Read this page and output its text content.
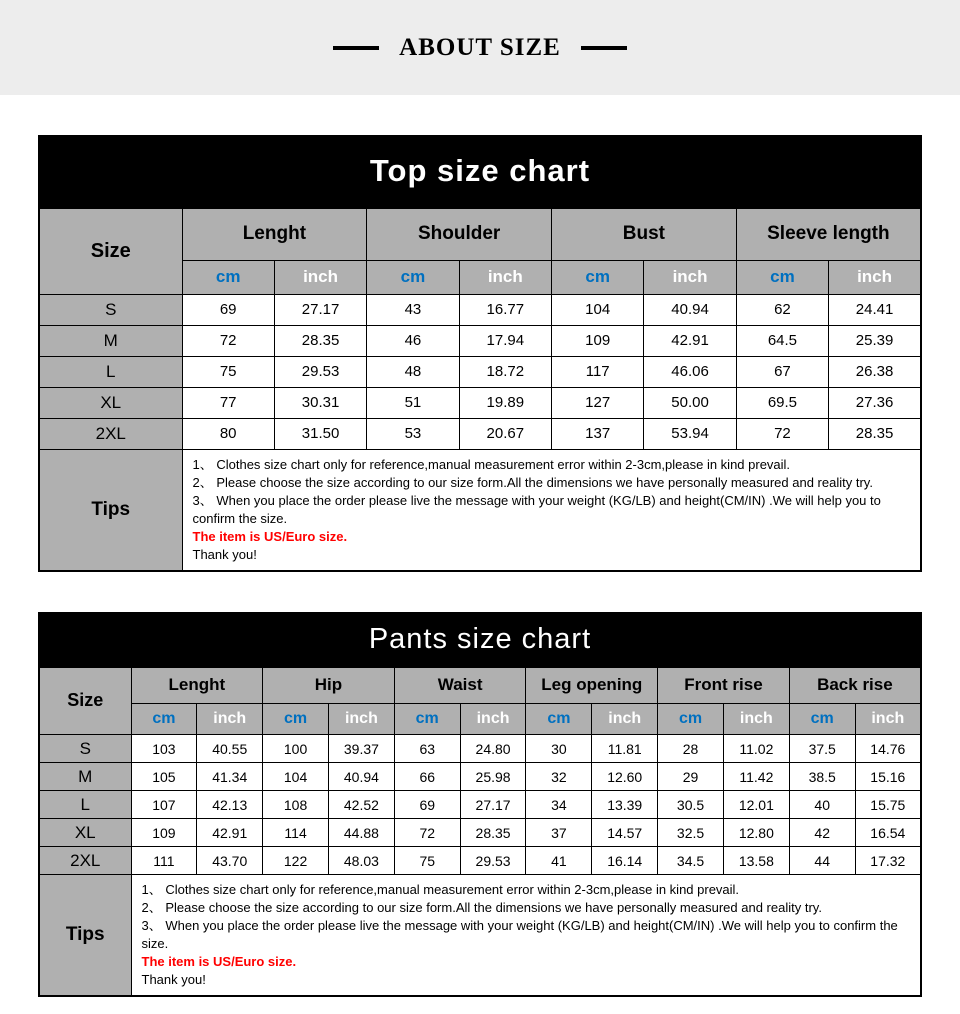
ABOUT SIZE
Top size chart
Size	Lenght		Shoulder		Bust		Sleeve length	
	cm	inch	cm	inch	cm	inch	cm	inch
S	69	27.17	43	16.77	104	40.94	62	24.41
M	72	28.35	46	17.94	109	42.91	64.5	25.39
L	75	29.53	48	18.72	117	46.06	67	26.38
XL	77	30.31	51	19.89	127	50.00	69.5	27.36
2XL	80	31.50	53	20.67	137	53.94	72	28.35
Tips	1、 Clothes size chart only for reference,manual measurement error within 2-3cm,please in kind prevail.
2、 Please choose the size according to our size form.All the dimensions we have personally measured and reality try.
3、 When you place the order please live the message with your weight (KG/LB) and height(CM/IN) .We will help you to confirm the size.
The item is US/Euro size.
Thank you!							
Pants size chart
Size	Lenght		Hip		Waist		Leg opening		Front rise		Back rise	
	cm	inch	cm	inch	cm	inch	cm	inch	cm	inch	cm	inch
S	103	40.55	100	39.37	63	24.80	30	11.81	28	11.02	37.5	14.76
M	105	41.34	104	40.94	66	25.98	32	12.60	29	11.42	38.5	15.16
L	107	42.13	108	42.52	69	27.17	34	13.39	30.5	12.01	40	15.75
XL	109	42.91	114	44.88	72	28.35	37	14.57	32.5	12.80	42	16.54
2XL	111	43.70	122	48.03	75	29.53	41	16.14	34.5	13.58	44	17.32
Tips	1、 Clothes size chart only for reference,manual measurement error within 2-3cm,please in kind prevail.
2、 Please choose the size according to our size form.All the dimensions we have personally measured and reality try.
3、 When you place the order please live the message with your weight (KG/LB) and height(CM/IN) .We will help you to confirm the size.
The item is US/Euro size.
Thank you!											
